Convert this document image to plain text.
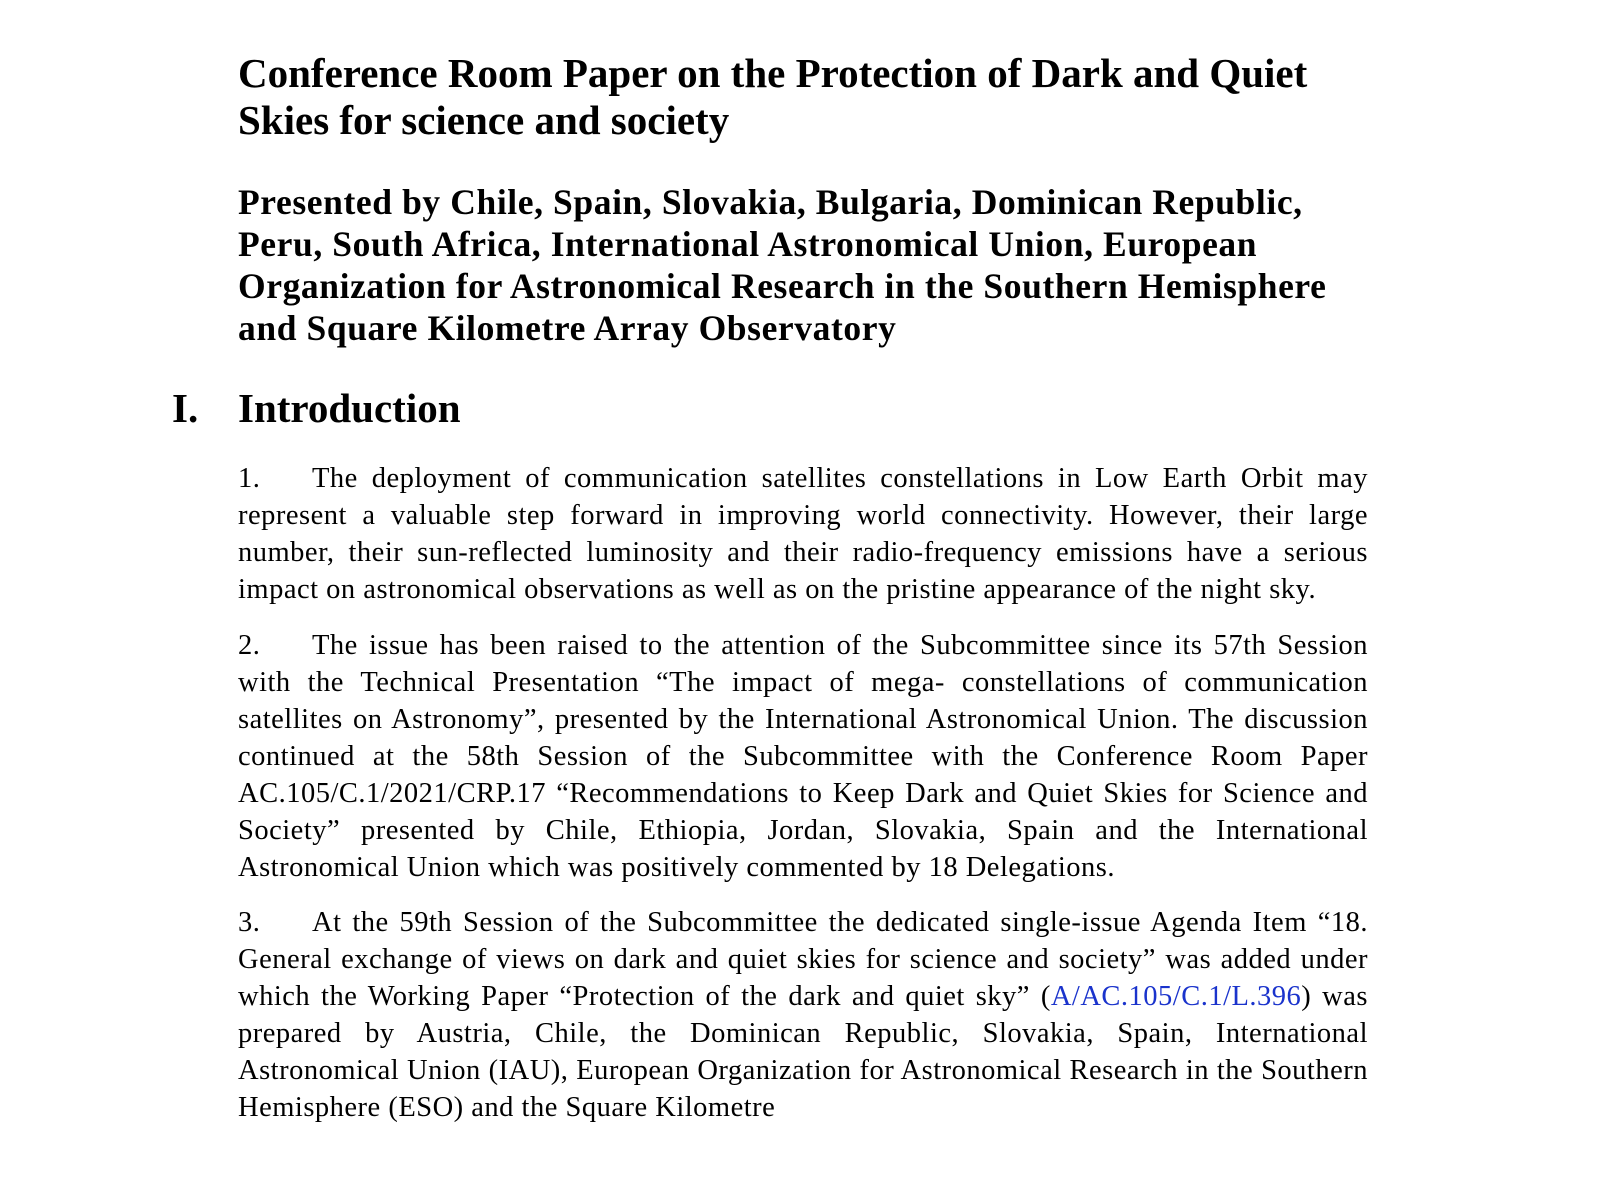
Conference Room Paper on the Protection of Dark and Quiet Skies for science and society
Presented by Chile, Spain, Slovakia, Bulgaria, Dominican Republic, Peru, South Africa, International Astronomical Union, European Organization for Astronomical Research in the Southern Hemisphere and Square Kilometre Array Observatory
I. Introduction

1. The deployment of communication satellites constellations in Low Earth Orbit may represent a valuable step forward in improving world connectivity. However, their large number, their sun-reflected luminosity and their radio-frequency emissions have a serious impact on astronomical observations as well as on the pristine appearance of the night sky.

2. The issue has been raised to the attention of the Subcommittee since its 57th Session with the Technical Presentation “The impact of mega- constellations of communication satellites on Astronomy”, presented by the International Astronomical Union. The discussion continued at the 58th Session of the Subcommittee with the Conference Room Paper AC.105/C.1/2021/CRP.17 “Recommendations to Keep Dark and Quiet Skies for Science and Society” presented by Chile, Ethiopia, Jordan, Slovakia, Spain and the International Astronomical Union which was positively commented by 18 Delegations.

3. At the 59th Session of the Subcommittee the dedicated single-issue Agenda Item “18. General exchange of views on dark and quiet skies for science and society” was added under which the Working Paper “Protection of the dark and quiet sky” (A/AC.105/C.1/L.396) was prepared by Austria, Chile, the Dominican Republic, Slovakia, Spain, International Astronomical Union (IAU), European Organization for Astronomical Research in the Southern Hemisphere (ESO) and the Square Kilometre
